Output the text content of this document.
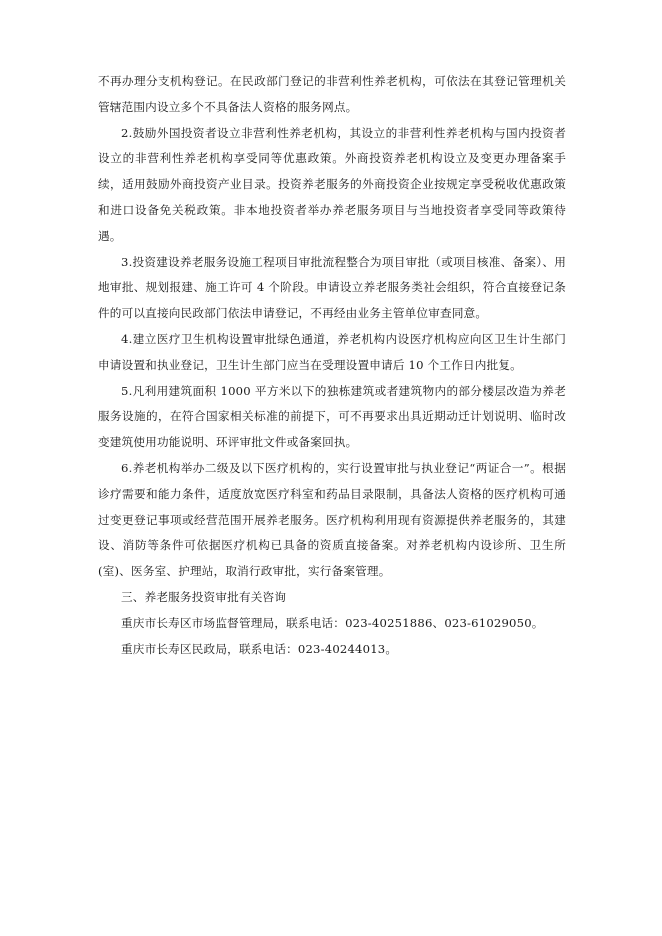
不再办理分支机构登记。在民政部门登记的非营利性养老机构，可依法在其登记管理机关管辖范围内设立多个不具备法人资格的服务网点。

2.鼓励外国投资者设立非营利性养老机构，其设立的非营利性养老机构与国内投资者设立的非营利性养老机构享受同等优惠政策。外商投资养老机构设立及变更办理备案手续，适用鼓励外商投资产业目录。投资养老服务的外商投资企业按规定享受税收优惠政策和进口设备免关税政策。非本地投资者举办养老服务项目与当地投资者享受同等政策待遇。

3.投资建设养老服务设施工程项目审批流程整合为项目审批（或项目核准、备案）、用地审批、规划报建、施工许可 4 个阶段。申请设立养老服务类社会组织，符合直接登记条件的可以直接向民政部门依法申请登记，不再经由业务主管单位审查同意。

4.建立医疗卫生机构设置审批绿色通道，养老机构内设医疗机构应向区卫生计生部门申请设置和执业登记，卫生计生部门应当在受理设置申请后 10 个工作日内批复。

5.凡利用建筑面积 1000 平方米以下的独栋建筑或者建筑物内的部分楼层改造为养老服务设施的，在符合国家相关标准的前提下，可不再要求出具近期动迁计划说明、临时改变建筑使用功能说明、环评审批文件或备案回执。

6.养老机构举办二级及以下医疗机构的，实行设置审批与执业登记“两证合一”。根据诊疗需要和能力条件，适度放宽医疗科室和药品目录限制，具备法人资格的医疗机构可通过变更登记事项或经营范围开展养老服务。医疗机构利用现有资源提供养老服务的，其建设、消防等条件可依据医疗机构已具备的资质直接备案。对养老机构内设诊所、卫生所(室)、医务室、护理站，取消行政审批，实行备案管理。

三、养老服务投资审批有关咨询

重庆市长寿区市场监督管理局，联系电话：023-40251886、023-61029050。

重庆市长寿区民政局，联系电话：023-40244013。
